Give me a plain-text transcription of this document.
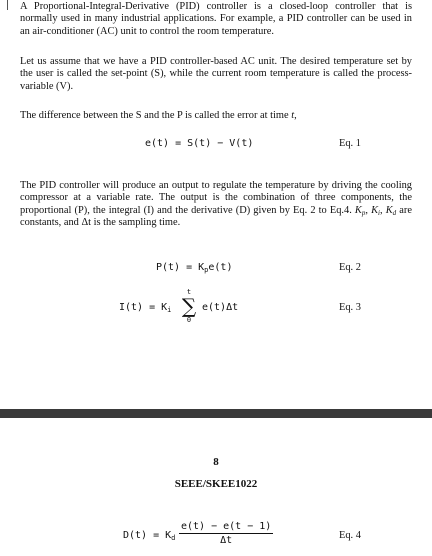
A Proportional-Integral-Derivative (PID) controller is a closed-loop controller that is normally used in many industrial applications. For example, a PID controller can be used in an air-conditioner (AC) unit to control the room temperature.

Let us assume that we have a PID controller-based AC unit. The desired temperature set by the user is called the set-point (S), while the current room temperature is called the process-variable (V).

The difference between the S and the P is called the error at time t,

e(t) = S(t) − V(t)	Eq. 1

The PID controller will produce an output to regulate the temperature by driving the cooling compressor at a variable rate. The output is the combination of three components, the proportional (P), the integral (I) and the derivative (D) given by Eq. 2 to Eq.4. $K_p$, $K_i$, $K_d$ are constants, and Δt is the sampling time.

$P(t) = K_pe(t)$	Eq. 2
$I(t) = K_i$	e(t)Δt	Eq. 3
t
∑
0
8
SEEE/SKEE1022
$D(t) = K_d$	Eq. 4
$\frac{e(t) - e(t - 1)}{\Delta t}$
